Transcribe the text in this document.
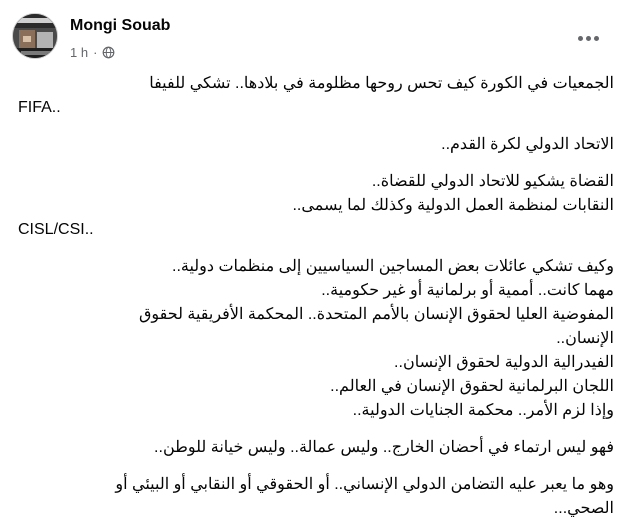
Mongi Souab
1 h ·

الجمعيات في الكورة كيف تحس روحها مظلومة في بلادها.. تشكي للفيفا

FIFA..

الاتحاد الدولي لكرة القدم..

القضاة يشكيو للاتحاد الدولي للقضاة..

النقابات لمنظمة العمل الدولية وكذلك لما يسمى..

CISL/CSI..

وكيف تشكي عائلات بعض المساجين السياسيين إلى منظمات دولية..

مهما كانت.. أممية أو برلمانية أو غير حكومية..

المفوضية العليا لحقوق الإنسان بالأمم المتحدة.. المحكمة الأفريقية لحقوق

الإنسان..

الفيدرالية الدولية لحقوق الإنسان..

اللجان البرلمانية لحقوق الإنسان في العالم..

وإذا لزم الأمر.. محكمة الجنايات الدولية..

فهو ليس ارتماء في أحضان الخارج.. وليس عمالة.. وليس خيانة للوطن..

وهو ما يعبر عليه التضامن الدولي الإنساني.. أو الحقوقي أو النقابي أو البيئي أو

الصحي...
